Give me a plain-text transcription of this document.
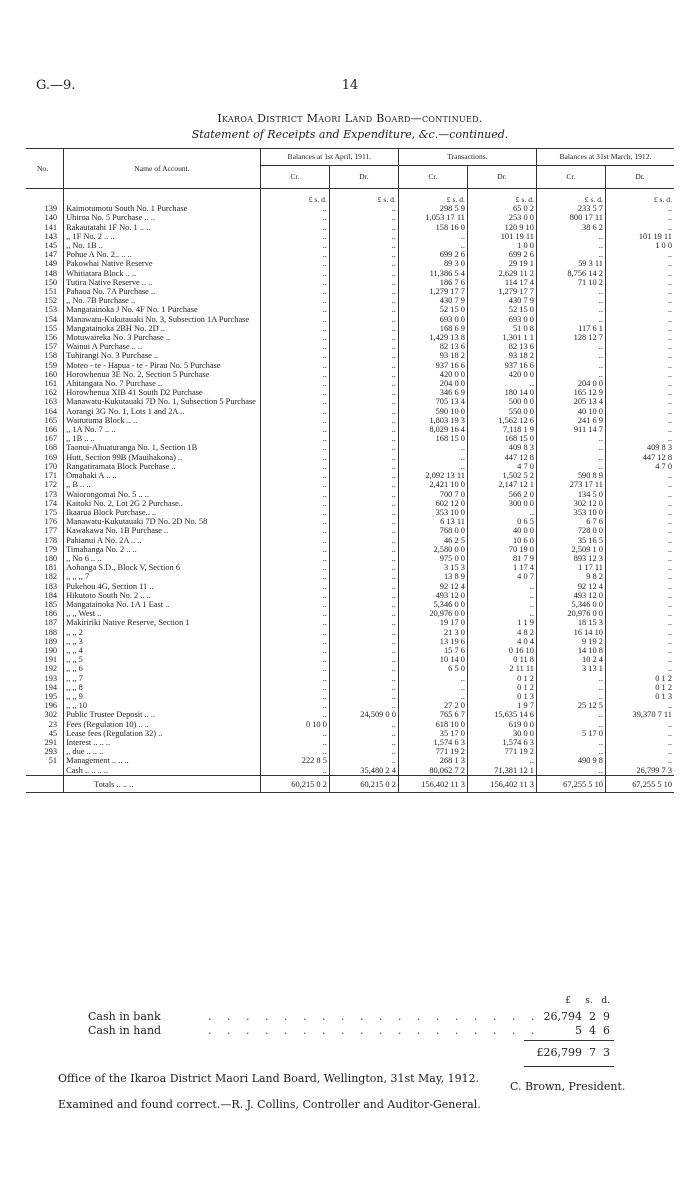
G.—9.	14
Ikaroa District Maori Land Board—continued.
Statement of Receipts and Expenditure, &c.—continued.
No.	Name of Account.	Balances at 1st April, 1911.		Transactions.		Balances at 31st March, 1912.	
		Cr.	Dr.	Cr.	Dr.	Cr.	Dr.
		£ s. d.	£ s. d.	£ s. d.	£ s. d.	£ s. d.	£ s. d.
139	Kaimotumotu South No. 1 Purchase	..	..	298 5 9	65 0 2	233 5 7	..
140	Uhiroa No. 5 Purchase .. ..	..	..	1,053 17 11	253 0 0	800 17 11	..
141	Rakautatahi 1F No. 1 .. ..	..	..	158 16 0	120 9 10	38 6 2	..
143	,, 1F No. 2 .. ..	..	..	..	101 19 11	..	101 19 11
145	,, No. 1B ..	..	..	..	1 0 0	..	1 0 0
147	Pohue A No. 2.. .. ..	..	..	699 2 6	699 2 6	..	..
149	Pakowhai Native Reserve	..	..	89 3 0	29 19 1	59 3 11	..
148	Whitiatara Block .. ..	..	..	11,386 5 4	2,629 11 2	8,756 14 2	..
150	Tutira Native Reserve .. ..	..	..	186 7 6	114 17 4	71 10 2	..
151	Pahaoa No. 7A Purchase ..	..	..	1,279 17 7	1,279 17 7	..	..
152	,, No. 7B Purchase ..	..	..	430 7 9	430 7 9	..	..
153	Mangatainoka J No. 4F No. 1 Purchase	..	..	52 15 0	52 15 0	..	..
154	Manawatu-Kukutauaki No. 3, Subsection 1A Purchase	..	..	693 0 0	693 0 0	..	..
155	Mangatainoka 2BH No. 2D ..	..	..	168 6 9	51 0 8	117 6 1	..
156	Motuwaireka No. 3 Purchase ..	..	..	1,429 13 8	1,301 1 1	128 12 7	..
157	Wainui A Purchase .. ..	..	..	82 13 6	82 13 6	..	..
158	Tuhirangi No. 3 Purchase ..	..	..	93 18 2	93 18 2	..	..
159	Moteo - te - Hapua - te - Pirau No. 5 Purchase	..	..	937 16 6	937 16 6	..	..
160	Horowhenua 3E No. 2, Section 5 Purchase	..	..	420 0 0	420 0 0	..	..
161	Ahitangata No. 7 Purchase ..	..	..	204 0 0	..	204 0 0	..
162	Horowhenua XIB 41 South D2 Purchase	..	..	346 6 9	180 14 0	165 12 9	..
163	Manawatu-Kukutauaki 7D No. 1, Subsection 5 Purchase	..	..	705 13 4	500 0 0	205 13 4	..
164	Aorangi 3G No. 1, Lots 1 and 2A ..	..	..	590 10 0	550 0 0	40 10 0	..
165	Waitutuma Block .. ..	..	..	1,803 19 3	1,562 12 6	241 6 9	..
166	,, 1A No. 7 .. ..	..	..	8,029 16 4	7,118 1 9	911 14 7	..
167	,, 1B .. ..	..	..	168 15 0	168 15 0	..	..
168	Taonui-Ahuaturanga No. 1, Section 1B	..	..	..	409 8 3	..	409 8 3
169	Hutt, Section 99B (Mauihakona) ..	..	..	..	447 12 8	..	447 12 8
170	Rangatiramata Block Purchase ..	..	..	..	4 7 0	..	4 7 0
171	Omahaki A .. ..	..	..	2,092 13 11	1,502 5 2	590 8 9	..
172	,, B .. ..	..	..	2,421 10 0	2,147 12 1	273 17 11	..
173	Waiorongomai No. 5 .. ..	..	..	700 7 0	566 2 0	134 5 0	..
174	Kaitoki No. 2, Lot 2G 2 Purchase..	..	..	602 12 0	300 0 0	302 12 0	..
175	Ikaarua Block Purchase.. ..	..	..	353 10 0	..	353 10 0	..
176	Manawatu-Kukutauaki 7D No. 2D No. 58	..	..	6 13 11	0 6 5	6 7 6	..
177	Kawakawa No. 1B Purchase ..	..	..	768 0 0	40 0 0	728 0 0	..
178	Pahianui A No. 2A .. ..	..	..	46 2 5	10 6 0	35 16 5	..
179	Timahanga No. 2 .. ..	..	..	2,580 0 0	70 19 0	2,509 1 0	..
180	,, No 6 .. ..	..	..	975 0 0	81 7 9	893 12 3	..
181	Aohanga S.D., Block V, Section 6	..	..	3 15 3	1 17 4	1 17 11	..
182	,, ,, ,, 7	..	..	13 8 9	4 0 7	9 8 2	..
183	Pukehou 4G, Section 11 ..	..	..	92 12 4	..	92 12 4	..
184	Hikutoto South No. 2 .. ..	..	..	493 12 0	..	493 12 0	..
185	Mangatainoka No. 1A 1 East ..	..	..	5,346 0 0	..	5,346 0 0	..
186	,, ,, West ..	..	..	20,976 0 0	..	20,976 0 0	..
187	Makiririki Native Reserve, Section 1	..	..	19 17 0	1 1 9	18 15 3	..
188	,, ,, 2	..	..	21 3 0	4 8 2	16 14 10	..
189	,, ,, 3	..	..	13 19 6	4 0 4	9 19 2	..
190	,, ,, 4	..	..	15 7 6	0 16 10	14 10 8	..
191	,, ,, 5	..	..	10 14 0	0 11 8	10 2 4	..
192	,, ,, 6	..	..	6 5 0	2 11 11	3 13 1	..
193	,, ,, 7	..	..	..	0 1 2	..	0 1 2
194	,, ,, 8	..	..	..	0 1 2	..	0 1 2
195	,, ,, 9	..	..	..	0 1 3	..	0 1 3
196	,, ,, 10	..	..	27 2 0	1 9 7	25 12 5	..
302	Public Trustee Deposit .. ..	..	24,509 0 0	765 6 7	15,635 14 6	..	39,370 7 11
23	Fees (Regulation 10) .. ..	0 10 0	..	618 10 0	619 0 0	..	..
45	Lease fees (Regulation 32) ..	..	..	35 17 0	30 0 0	5 17 0	..
291	Interest .. .. ..	..	..	1,574 6 3	1,574 6 3	..	..
293	,, due .. .. ..	..	..	771 19 2	771 19 2	..	..
51	Management .. .. ..	222 8 5	..	268 1 3	..	490 9 8	..
	Cash .. .. .. ..	..	35,480 2 4	80,062 7 2	71,381 12 1	..	26,799 7 3
	Totals .. .. ..	60,215 0 2	60,215 0 2	156,402 11 3	156,402 11 3	67,255 5 10	67,255 5 10
£     s.   d.
Cash in bank	. . . . . . . . . . . . . . . . . . 26,794  2  9
Cash in hand	. . . . . . . . . . . . . . . . . .	5  4  6
£26,799  7  3
Office of the Ikaroa District Maori Land Board, Wellington, 31st May, 1912.
C. Brown, President.
Examined and found correct.—R. J. Collins, Controller and Auditor-General.
